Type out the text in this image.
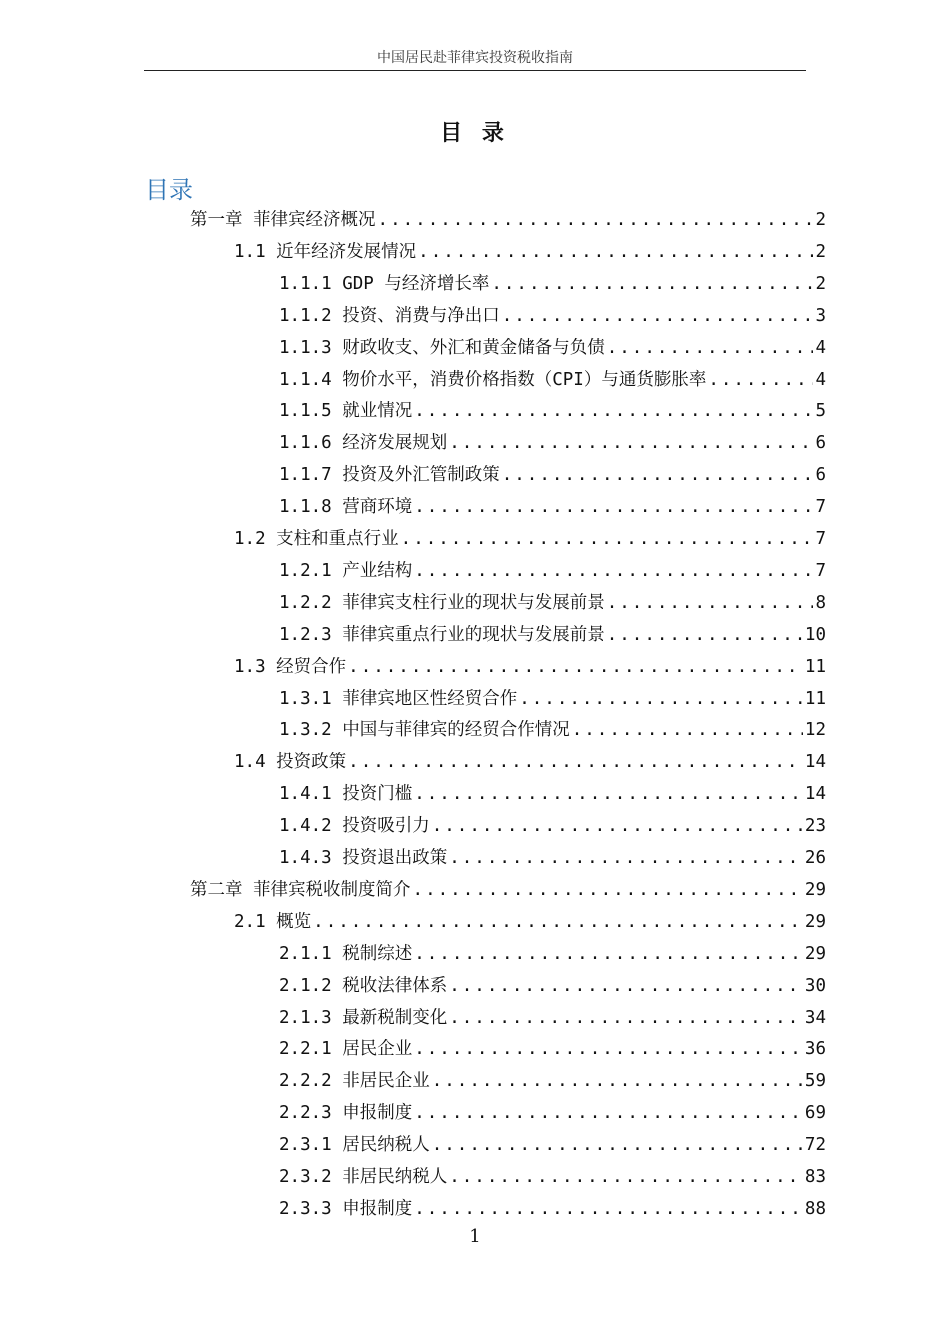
中国居民赴菲律宾投资税收指南
目 录
目录
第一章 菲律宾经济概况 .....	2
1.1 近年经济发展情况 .....	2
1.1.1 GDP 与经济增长率 .....	2
1.1.2 投资、消费与净出口 .....	3
1.1.3 财政收支、外汇和黄金储备与负债 .....	4
1.1.4 物价水平，消费价格指数（CPI）与通货膨胀率 .....	4
1.1.5 就业情况 .....	5
1.1.6 经济发展规划 .....	6
1.1.7 投资及外汇管制政策 .....	6
1.1.8 营商环境 .....	7
1.2 支柱和重点行业 .....	7
1.2.1 产业结构 .....	7
1.2.2 菲律宾支柱行业的现状与发展前景 .....	8
1.2.3 菲律宾重点行业的现状与发展前景 .....	10
1.3 经贸合作 .....	11
1.3.1 菲律宾地区性经贸合作 .....	11
1.3.2 中国与菲律宾的经贸合作情况 .....	12
1.4 投资政策 .....	14
1.4.1 投资门槛 .....	14
1.4.2 投资吸引力 .....	23
1.4.3 投资退出政策 .....	26
第二章 菲律宾税收制度简介 .....	29
2.1 概览 .....	29
2.1.1 税制综述 .....	29
2.1.2 税收法律体系 .....	30
2.1.3 最新税制变化 .....	34
2.2.1 居民企业 .....	36
2.2.2 非居民企业 .....	59
2.2.3 申报制度 .....	69
2.3.1 居民纳税人 .....	72
2.3.2 非居民纳税人 .....	83
2.3.3 申报制度 .....	88
1
